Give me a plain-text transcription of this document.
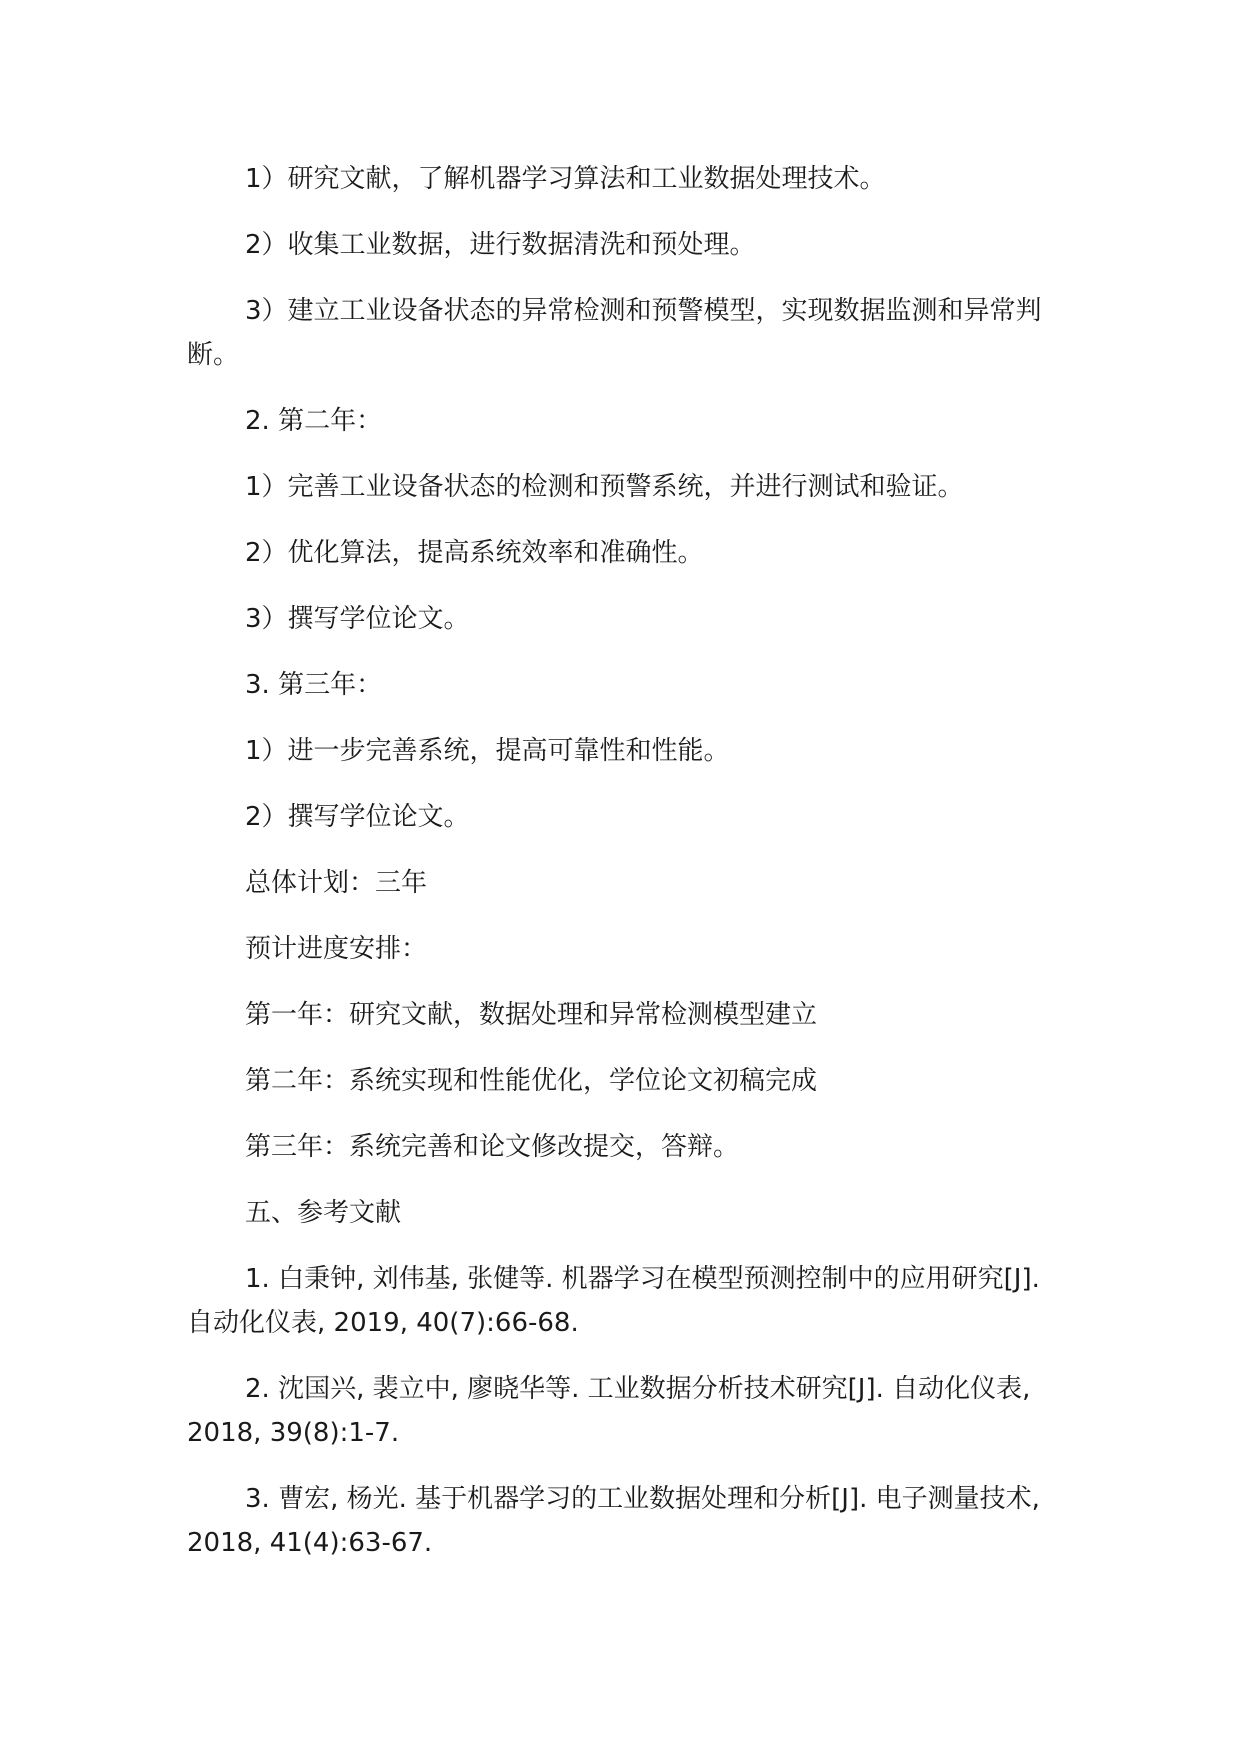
1）研究文献，了解机器学习算法和工业数据处理技术。

2）收集工业数据，进行数据清洗和预处理。

3）建立工业设备状态的异常检测和预警模型，实现数据监测和异常判断。

2. 第二年：

1）完善工业设备状态的检测和预警系统，并进行测试和验证。

2）优化算法，提高系统效率和准确性。

3）撰写学位论文。

3. 第三年：

1）进一步完善系统，提高可靠性和性能。

2）撰写学位论文。

总体计划：三年

预计进度安排：

第一年：研究文献，数据处理和异常检测模型建立

第二年：系统实现和性能优化，学位论文初稿完成

第三年：系统完善和论文修改提交，答辩。

五、参考文献

1. 白秉钟, 刘伟基, 张健等. 机器学习在模型预测控制中的应用研究[J]. 自动化仪表, 2019, 40(7):66-68.

2. 沈国兴, 裴立中, 廖晓华等. 工业数据分析技术研究[J]. 自动化仪表, 2018, 39(8):1-7.

3. 曹宏, 杨光. 基于机器学习的工业数据处理和分析[J]. 电子测量技术, 2018, 41(4):63-67.
